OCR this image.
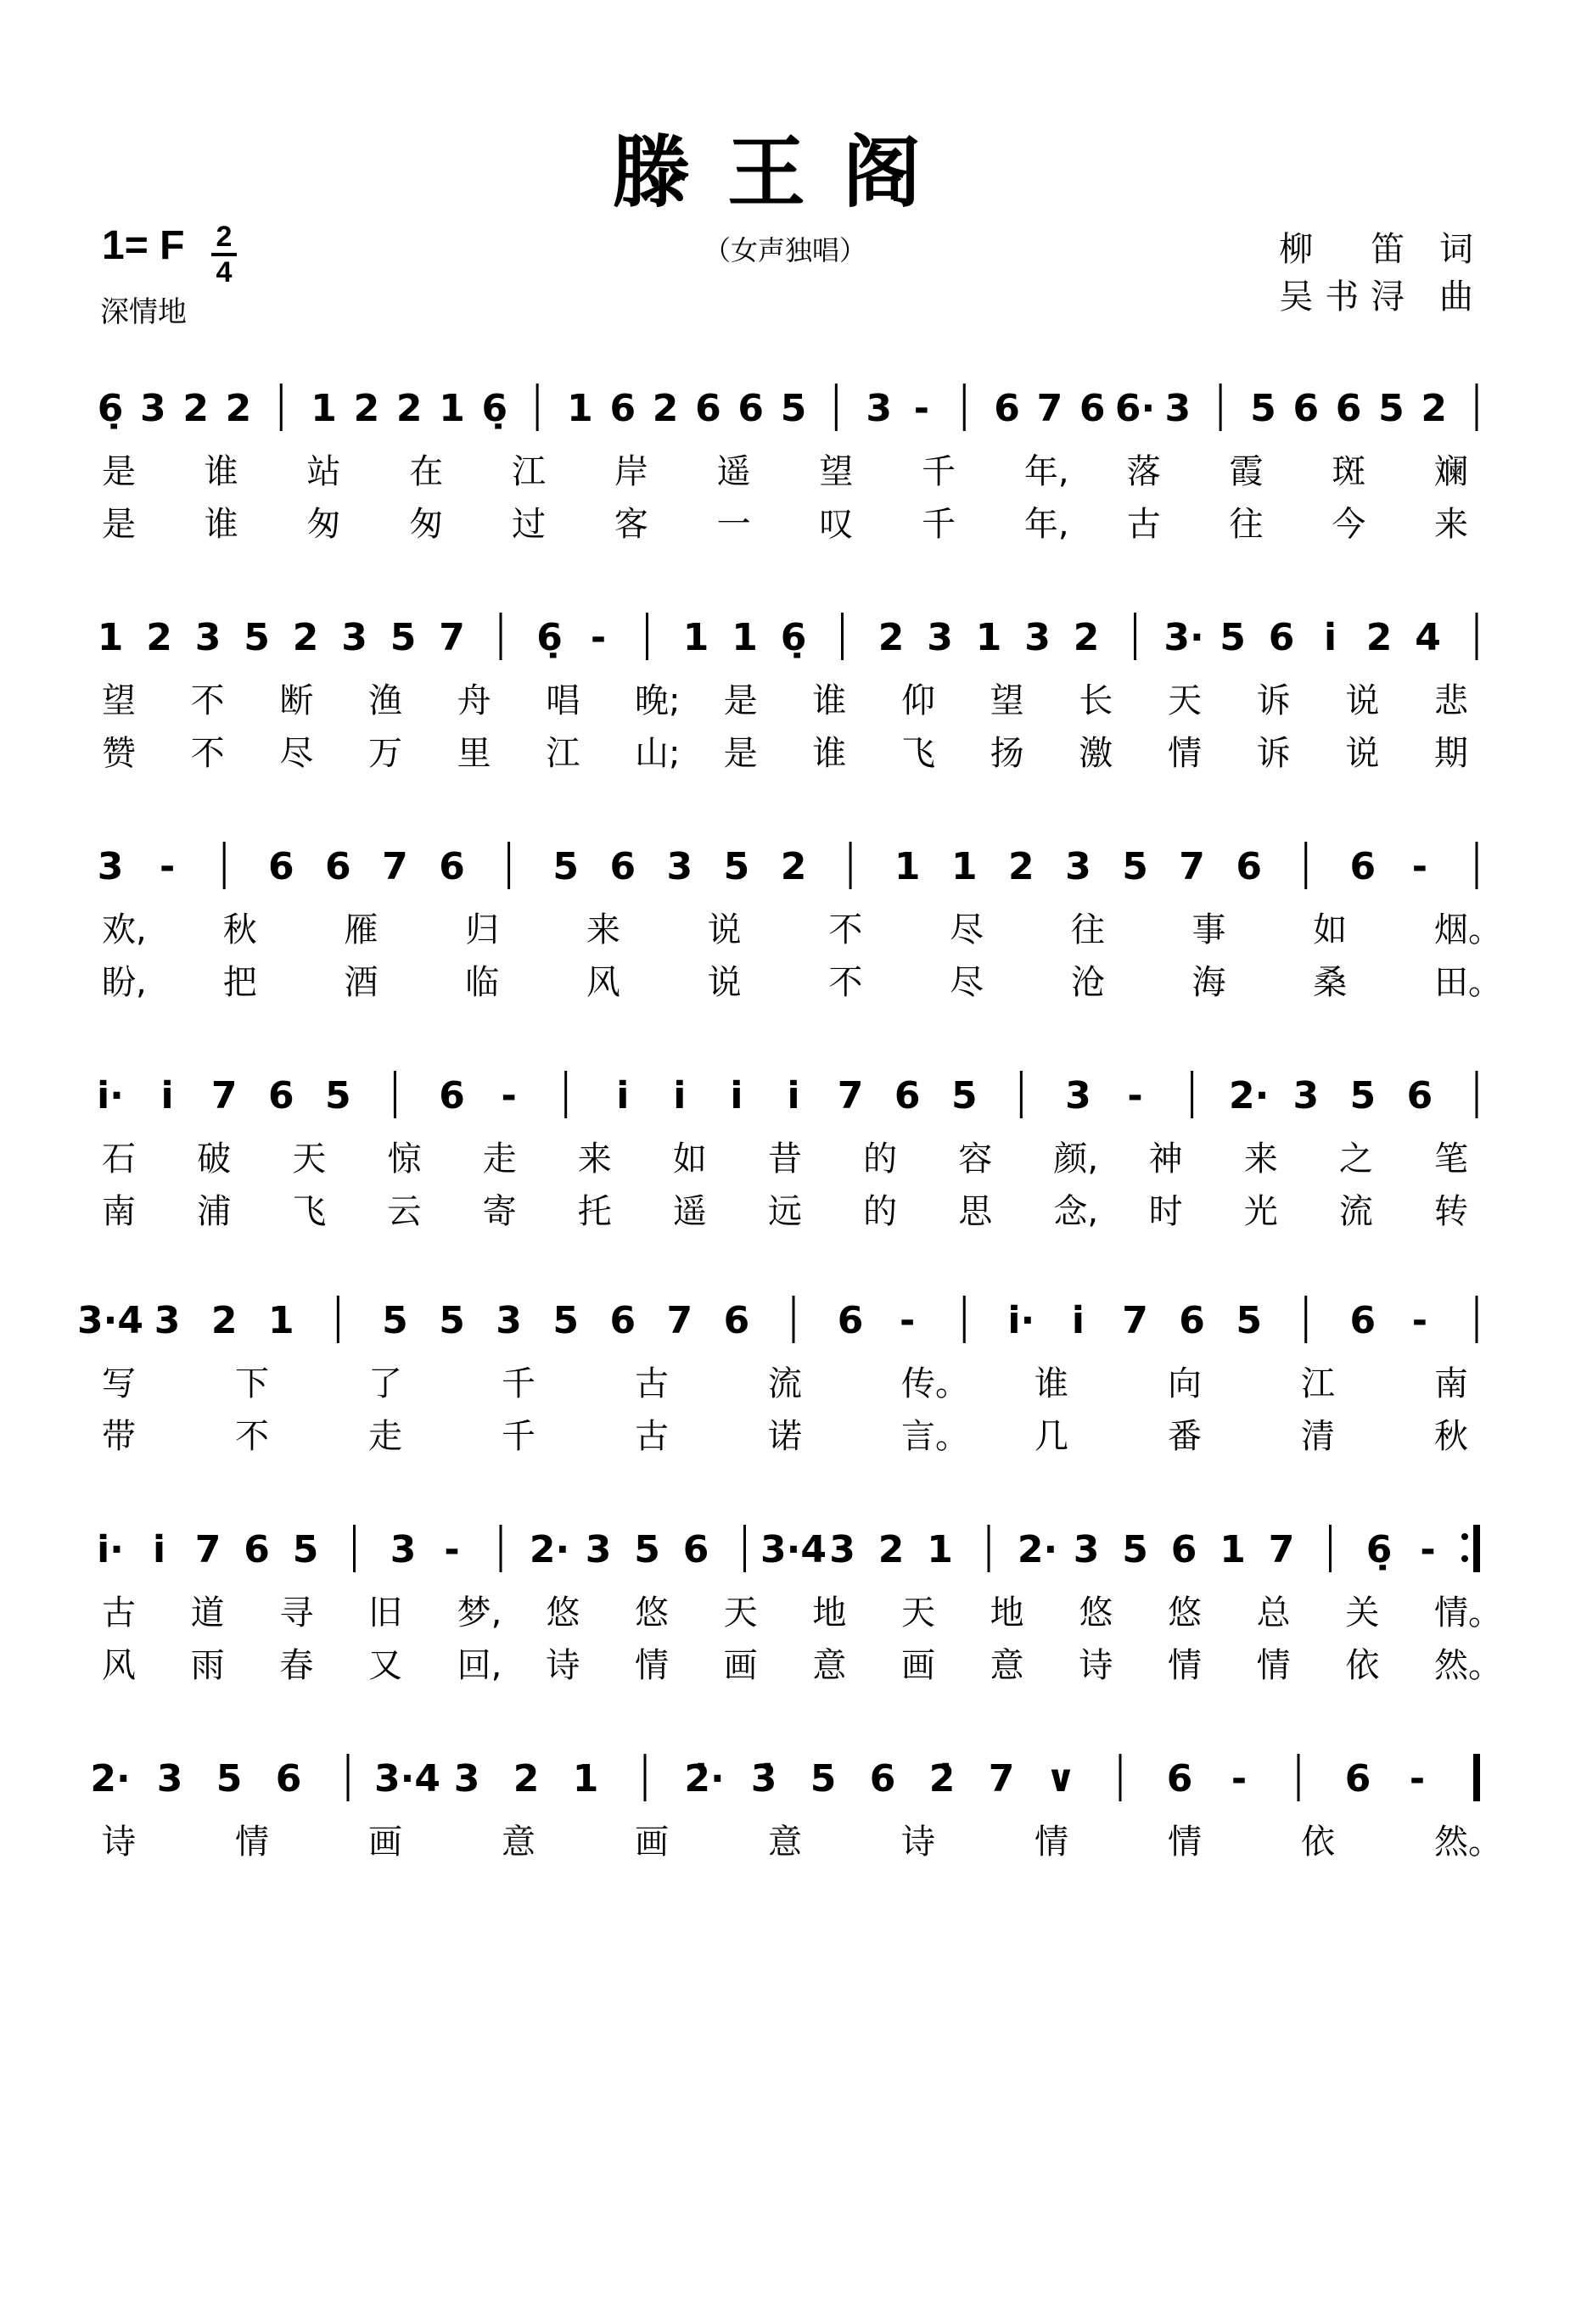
滕王阁
（女声独唱）
1= F 2
4
深情地
柳　笛 词
吴书浔 曲
6̣ 3 2 2 1 2 2 1 6̣ 1 6 2 6 6 5 3 - 6 7 6 6· 3 5 6 6 5 2
是 谁 站 在 江 岸 遥 望 千 年, 落 霞 斑 斓
是 谁 匆 匆 过 客 一 叹 千 年, 古 往 今 来
1 2 3 5 2 3 5 7 6̣ - 1 1 6̣ 2 3 1 3 2 3· 5 6 i̇ 2 4
望 不 断 渔 舟 唱 晚; 是 谁 仰 望 长 天 诉 说 悲
赞 不 尽 万 里 江 山; 是 谁 飞 扬 激 情 诉 说 期
3 - 6 6 7 6 5 6 3 5 2 1 1 2 3 5 7 6 6 -
欢, 秋	雁	归	来	说	不	尽	往	事	如	烟。
盼, 把	酒	临	风	说	不	尽	沧	海	桑	田。
i̇· i̇ 7 6 5 6 -	i̇ i̇ i̇ i̇ 7 6 5 3 - 2· 3 5 6
石 破 天 惊 走 来 如 昔 的 容 颜, 神 来 之 笔
南 浦 飞 云 寄 托 遥 远 的 思 念, 时 光 流 转
3·4 3 2 1 5 5 3 5 6 7 6 6 - i̇· i̇ 7 6 5 6 -
写	下	了	千	古	流	传。 谁	向	江	南
带	不	走	千	古	诺	言。 几	番	清	秋
i̇· i̇ 7 6 5 3 - 2· 3 5 6 3·4 3 2 1 2· 3 5 6 1 7 6̣ -
古 道 寻 旧 梦, 悠 悠 天 地 天 地 悠 悠 总 关 情。
风 雨 春 又 回, 诗 情 画 意 画 意 诗 情 情 依 然。
2· 3 5 6 3·4 3 2 1 2̇· 3̇ 5 6 2̇ 7 ∨ 6 -	6 -
诗	情	画	意	画	意	诗	情	情	依	然。
